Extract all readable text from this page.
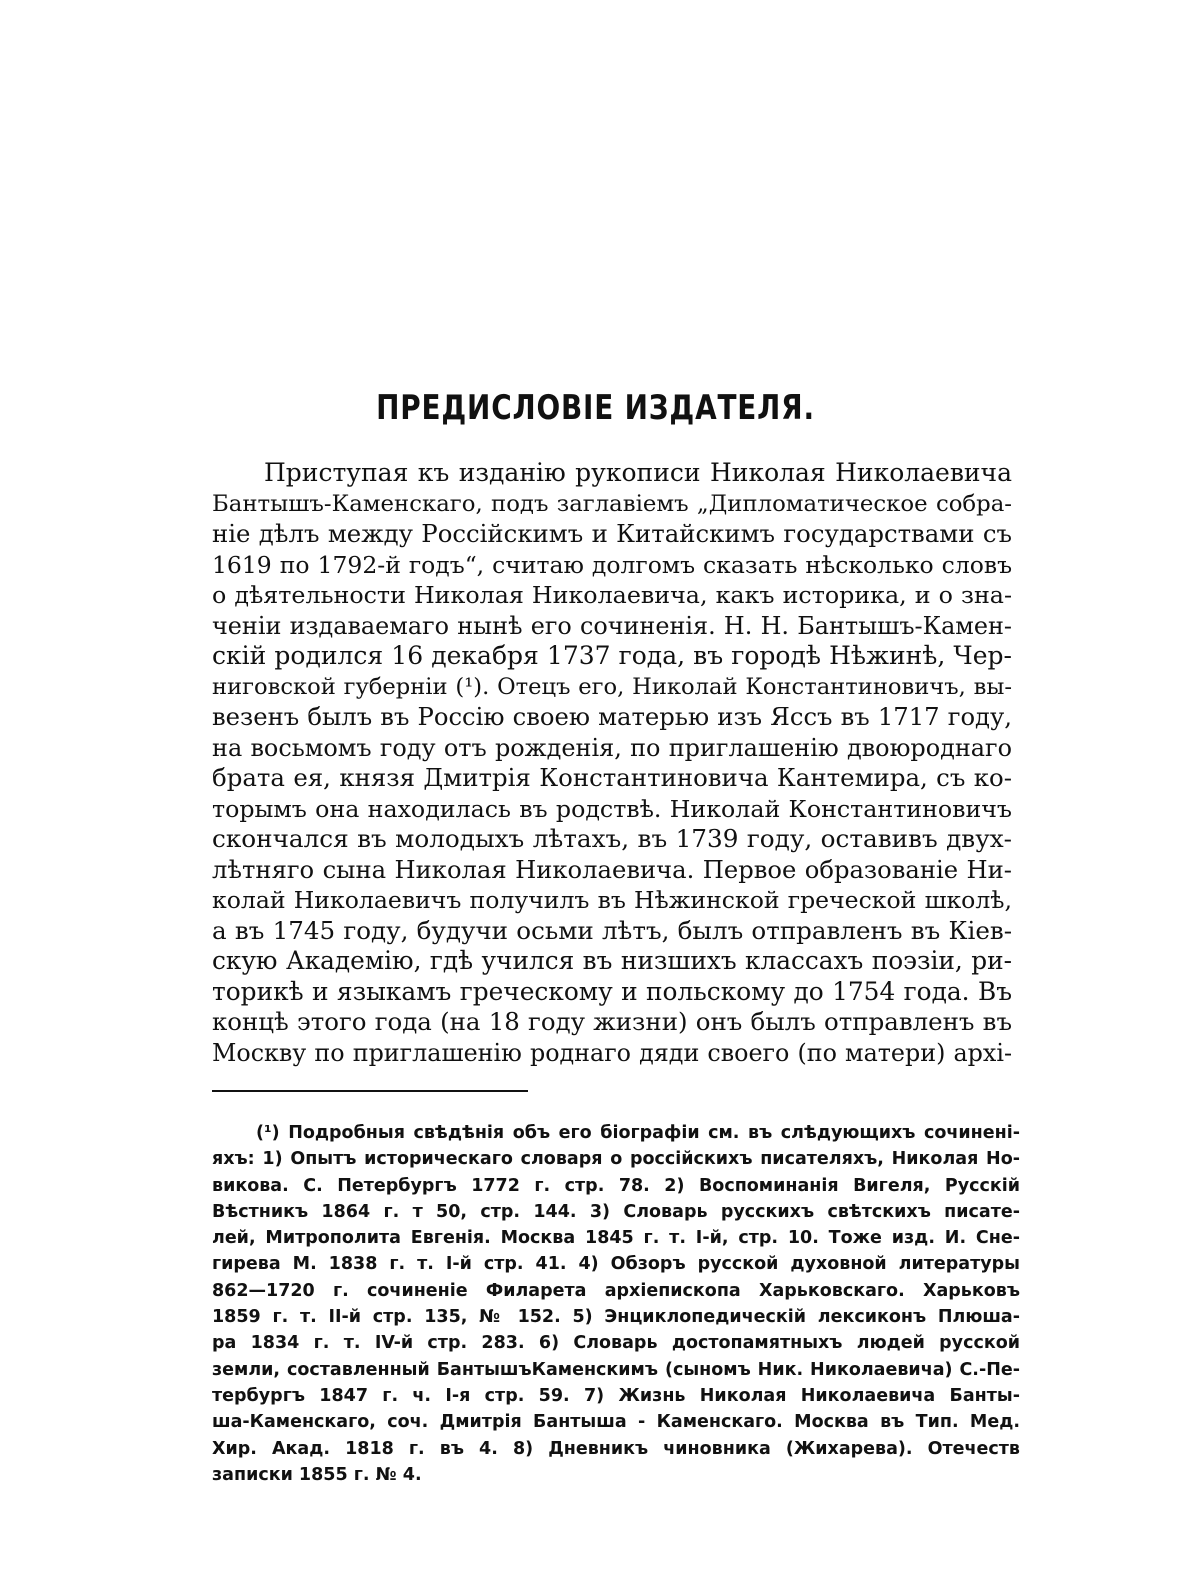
ПРЕДИСЛОВІЕ ИЗДАТЕЛЯ.
Приступая къ изданію рукописи Николая Николаевича
Бантышъ-Каменскаго, подъ заглавіемъ „Дипломатическое собра-
ніе дѣлъ между Россійскимъ и Китайскимъ государствами съ
1619 по 1792-й годъ“, считаю долгомъ сказать нѣсколько словъ
о дѣятельности Николая Николаевича, какъ историка, и о зна-
ченіи издаваемаго нынѣ его сочиненія. Н. Н. Бантышъ-Камен-
скій родился 16 декабря 1737 года, въ городѣ Нѣжинѣ, Чер-
ниговской губерніи (¹). Отецъ его, Николай Константиновичъ, вы-
везенъ былъ въ Россію своею матерью изъ Яссъ въ 1717 году,
на восьмомъ году отъ рожденія, по приглашенію двоюроднаго
брата ея, князя Дмитрія Константиновича Кантемира, съ ко-
торымъ она находилась въ родствѣ. Николай Константиновичъ
скончался въ молодыхъ лѣтахъ, въ 1739 году, оставивъ двух-
лѣтняго сына Николая Николаевича. Первое образованіе Ни-
колай Николаевичъ получилъ въ Нѣжинской греческой школѣ,
а въ 1745 году, будучи осьми лѣтъ, былъ отправленъ въ Кіев-
скую Академію, гдѣ учился въ низшихъ классахъ поэзіи, ри-
торикѣ и языкамъ греческому и польскому до 1754 года. Въ
концѣ этого года (на 18 году жизни) онъ былъ отправленъ въ
Москву по приглашенію роднаго дяди своего (по матери) архі-
(¹) Подробныя свѣдѣнія объ его біографіи см. въ слѣдующихъ сочинені-
яхъ: 1) Опытъ историческаго словаря о россійскихъ писателяхъ, Николая Но-
викова. С. Петербургъ 1772 г. стр. 78. 2) Воспоминанія Вигеля, Русскій
Вѣстникъ 1864 г. т 50, стр. 144. 3) Словарь русскихъ свѣтскихъ писате-
лей, Митрополита Евгенія. Москва 1845 г. т. I-й, стр. 10. Тоже изд. И. Сне-
гирева М. 1838 г. т. I-й стр. 41. 4) Обзоръ русской духовной литературы
862—1720 г. сочиненіе Филарета архіепископа Харьковскаго. Харьковъ
1859 г. т. II-й стр. 135, № 152. 5) Энциклопедическій лексиконъ Плюша-
ра 1834 г. т. IV-й стр. 283. 6) Словарь достопамятныхъ людей русской
земли, составленный БантышъКаменскимъ (сыномъ Ник. Николаевича) С.-Пе-
тербургъ 1847 г. ч. I-я стр. 59. 7) Жизнь Николая Николаевича Банты-
ша-Каменскаго, соч. Дмитрія Бантыша - Каменскаго. Москва въ Тип. Мед.
Хир. Акад. 1818 г. въ 4. 8) Дневникъ чиновника (Жихарева). Отечеств
записки 1855 г. № 4.
